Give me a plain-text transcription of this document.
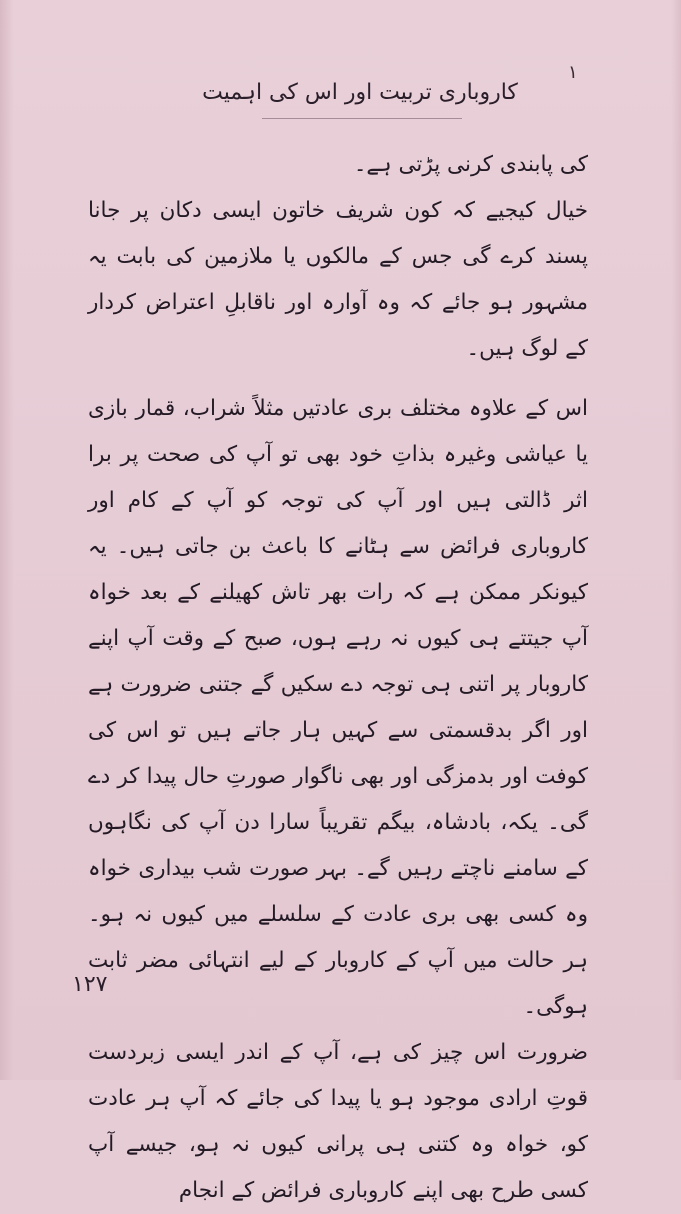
۱
کاروباری تربیت اور اس کی اہمیت

کی پابندی کرنی پڑتی ہے۔

خیال کیجیے کہ کون شریف خاتون ایسی دکان پر جانا پسند کرے گی جس کے مالکوں یا ملازمین کی بابت یہ مشہور ہو جائے کہ وہ آوارہ اور ناقابلِ اعتراض کردار کے لوگ ہیں۔

اس کے علاوہ مختلف بری عادتیں مثلاً شراب، قمار بازی یا عیاشی وغیرہ بذاتِ خود بھی تو آپ کی صحت پر برا اثر ڈالتی ہیں اور آپ کی توجہ کو آپ کے کام اور کاروباری فرائض سے ہٹانے کا باعث بن جاتی ہیں۔ یہ کیونکر ممکن ہے کہ رات بھر تاش کھیلنے کے بعد خواہ آپ جیتتے ہی کیوں نہ رہے ہوں، صبح کے وقت آپ اپنے کاروبار پر اتنی ہی توجہ دے سکیں گے جتنی ضرورت ہے اور اگر بدقسمتی سے کہیں ہار جاتے ہیں تو اس کی کوفت اور بدمزگی اور بھی ناگوار صورتِ حال پیدا کر دے گی۔ یکہ، بادشاہ، بیگم تقریباً سارا دن آپ کی نگاہوں کے سامنے ناچتے رہیں گے۔ بہر صورت شب بیداری خواہ وہ کسی بھی بری عادت کے سلسلے میں کیوں نہ ہو۔ ہر حالت میں آپ کے کاروبار کے لیے انتہائی مضر ثابت ہوگی۔

ضرورت اس چیز کی ہے، آپ کے اندر ایسی زبردست قوتِ ارادی موجود ہو یا پیدا کی جائے کہ آپ ہر عادت کو، خواہ وہ کتنی ہی پرانی کیوں نہ ہو، جیسے آپ کسی طرح بھی اپنے کاروباری فرائض کے انجام

۱۲۷
